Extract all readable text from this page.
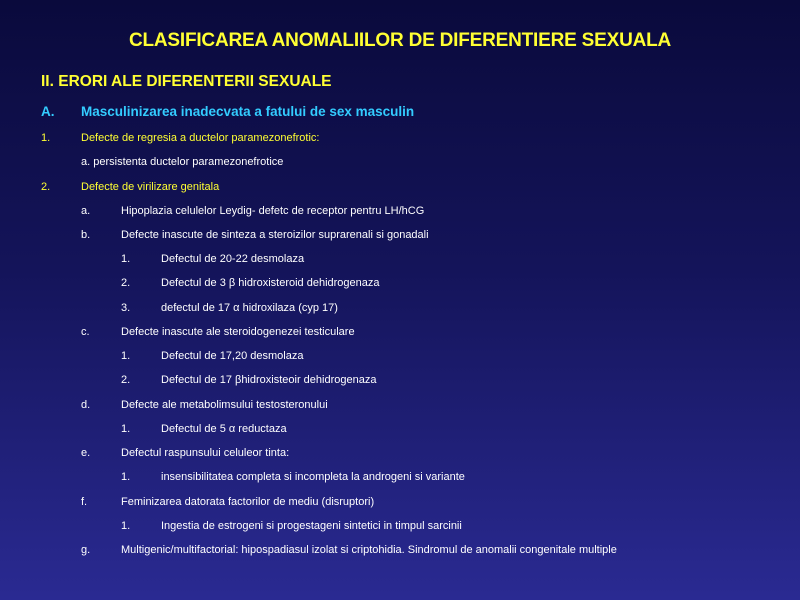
CLASIFICAREA ANOMALIILOR DE DIFERENTIERE SEXUALA
II. ERORI ALE DIFERENTERII SEXUALE
A. Masculinizarea inadecvata a fatului de sex masculin
1.	Defecte de regresia a ductelor paramezonefrotic:
a. persistenta ductelor paramezonefrotice
2.	Defecte de virilizare genitala
a.	Hipoplazia celulelor Leydig- defetc de receptor pentru LH/hCG
b.	Defecte inascute de sinteza a steroizilor suprarenali si gonadali
1.	Defectul de 20-22 desmolaza
2.	Defectul de 3 β hidroxisteroid dehidrogenaza
3.	defectul de 17 α hidroxilaza (cyp 17)
c.	Defecte inascute ale steroidogenezei testiculare
1.	Defectul de 17,20 desmolaza
2.	Defectul de 17 βhidroxisteoir dehidrogenaza
d.	Defecte ale metabolimsului testosteronului
1.	Defectul de 5 α reductaza
e.	Defectul raspunsului celuleor tinta:
1.	insensibilitatea completa si incompleta la androgeni si variante
f.	Feminizarea datorata factorilor de mediu (disruptori)
1.	Ingestia de estrogeni si progestageni sintetici in timpul sarcinii
g.	Multigenic/multifactorial: hipospadiasul izolat si criptohidia. Sindromul de anomalii congenitale multiple
